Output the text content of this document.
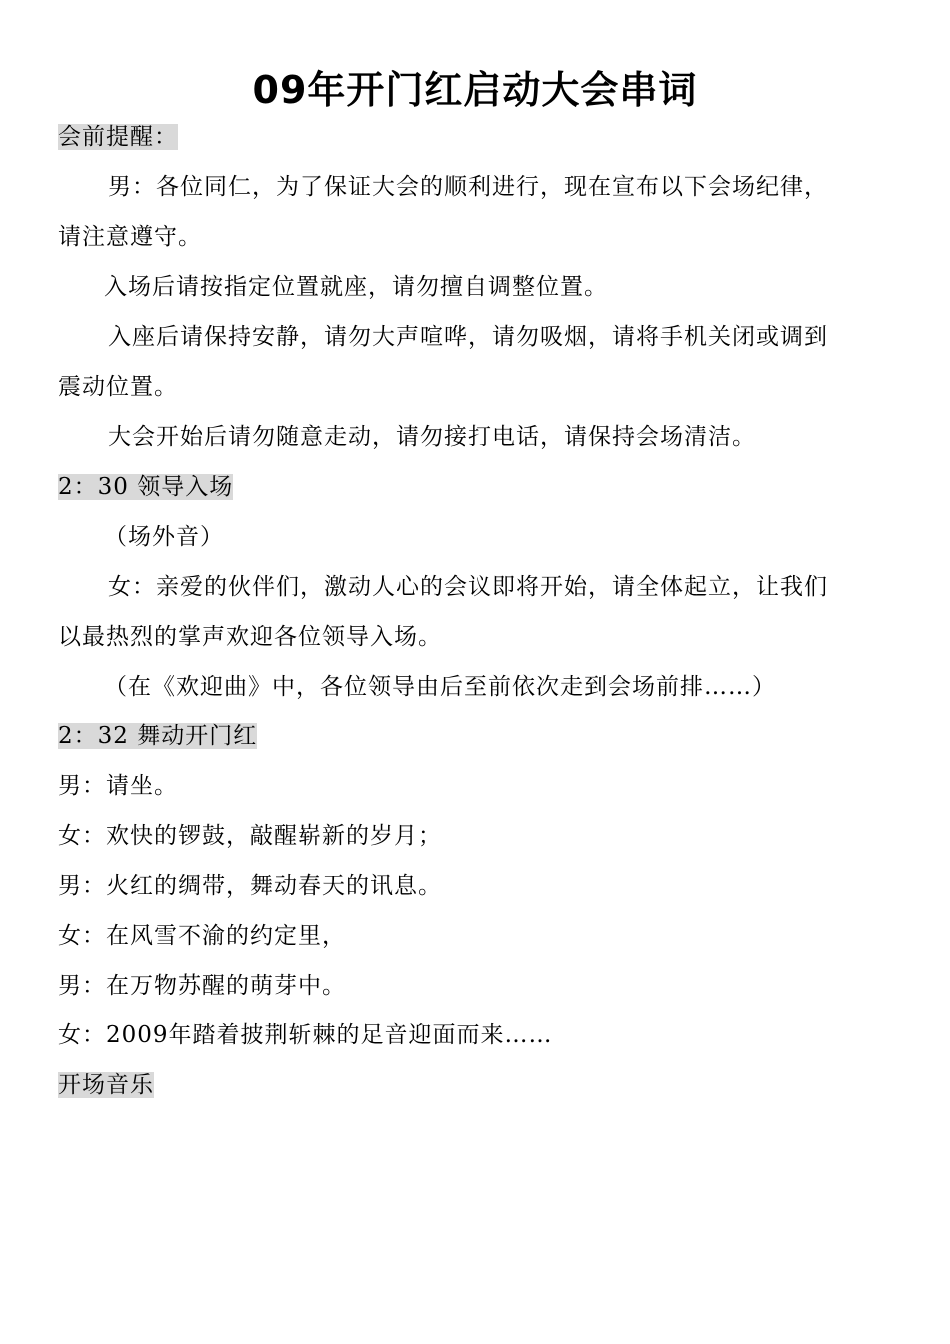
09年开门红启动大会串词
会前提醒：
男：各位同仁，为了保证大会的顺利进行，现在宣布以下会场纪律，
请注意遵守。
入场后请按指定位置就座，请勿擅自调整位置。
入座后请保持安静，请勿大声喧哗，请勿吸烟，请将手机关闭或调到
震动位置。
大会开始后请勿随意走动，请勿接打电话，请保持会场清洁。
2：30 领导入场
（场外音）
女：亲爱的伙伴们，激动人心的会议即将开始，请全体起立，让我们
以最热烈的掌声欢迎各位领导入场。
（在《欢迎曲》中，各位领导由后至前依次走到会场前排……）
2：32 舞动开门红
男：请坐。
女：欢快的锣鼓，敲醒崭新的岁月；
男：火红的绸带，舞动春天的讯息。
女：在风雪不渝的约定里，
男：在万物苏醒的萌芽中。
女：2009年踏着披荆斩棘的足音迎面而来……
开场音乐
